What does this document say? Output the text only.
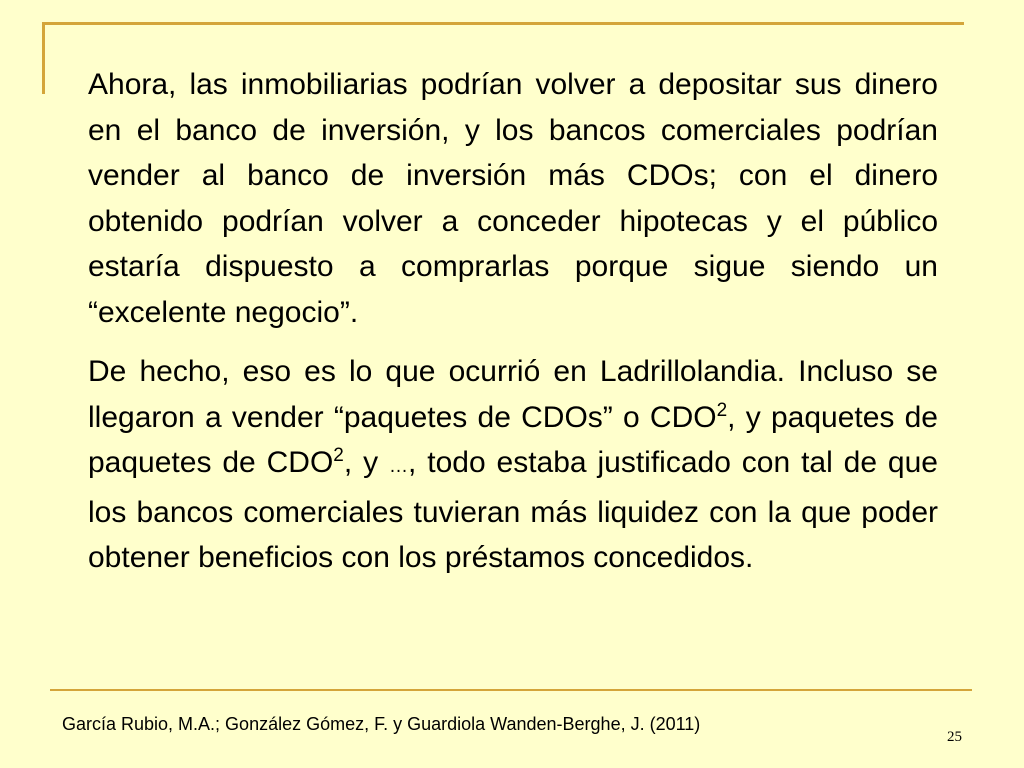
Ahora, las inmobiliarias podrían volver a depositar sus dinero en el banco de inversión, y los bancos comerciales podrían vender al banco de inversión más CDOs; con el dinero obtenido podrían volver a conceder hipotecas y el público estaría dispuesto a comprarlas porque sigue siendo un “excelente negocio”.

De hecho, eso es lo que ocurrió en Ladrillolandia. Incluso se llegaron a vender “paquetes de CDOs” o CDO$^2$, y paquetes de paquetes de CDO$^2$, y …, todo estaba justificado con tal de que los bancos comerciales tuvieran más liquidez con la que poder obtener beneficios con los préstamos concedidos.

García Rubio, M.A.; González Gómez, F. y Guardiola Wanden-Berghe, J. (2011)
25
